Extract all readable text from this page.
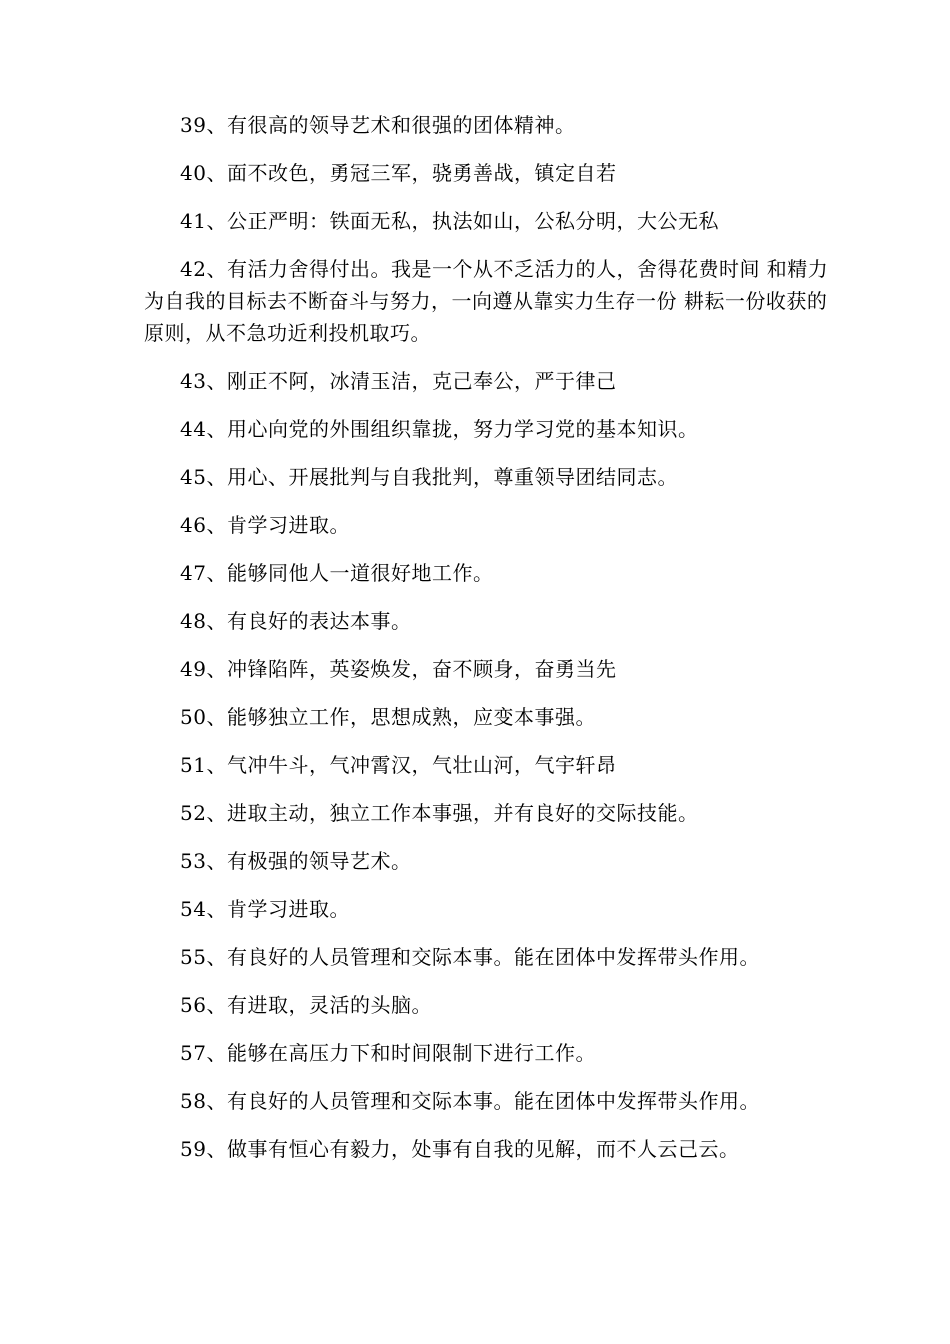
39、有很高的领导艺术和很强的团体精神。

40、面不改色，勇冠三军，骁勇善战，镇定自若

41、公正严明：铁面无私，执法如山，公私分明，大公无私

42、有活力舍得付出。我是一个从不乏活力的人，舍得花费时间 和精力为自我的目标去不断奋斗与努力，一向遵从靠实力生存一份 耕耘一份收获的原则，从不急功近利投机取巧。

43、刚正不阿，冰清玉洁，克己奉公，严于律己

44、用心向党的外围组织靠拢，努力学习党的基本知识。

45、用心、开展批判与自我批判，尊重领导团结同志。

46、肯学习进取。

47、能够同他人一道很好地工作。

48、有良好的表达本事。

49、冲锋陷阵，英姿焕发，奋不顾身，奋勇当先

50、能够独立工作，思想成熟，应变本事强。

51、气冲牛斗，气冲霄汉，气壮山河，气宇轩昂

52、进取主动，独立工作本事强，并有良好的交际技能。

53、有极强的领导艺术。

54、肯学习进取。

55、有良好的人员管理和交际本事。能在团体中发挥带头作用。

56、有进取，灵活的头脑。

57、能够在高压力下和时间限制下进行工作。

58、有良好的人员管理和交际本事。能在团体中发挥带头作用。

59、做事有恒心有毅力，处事有自我的见解，而不人云己云。
